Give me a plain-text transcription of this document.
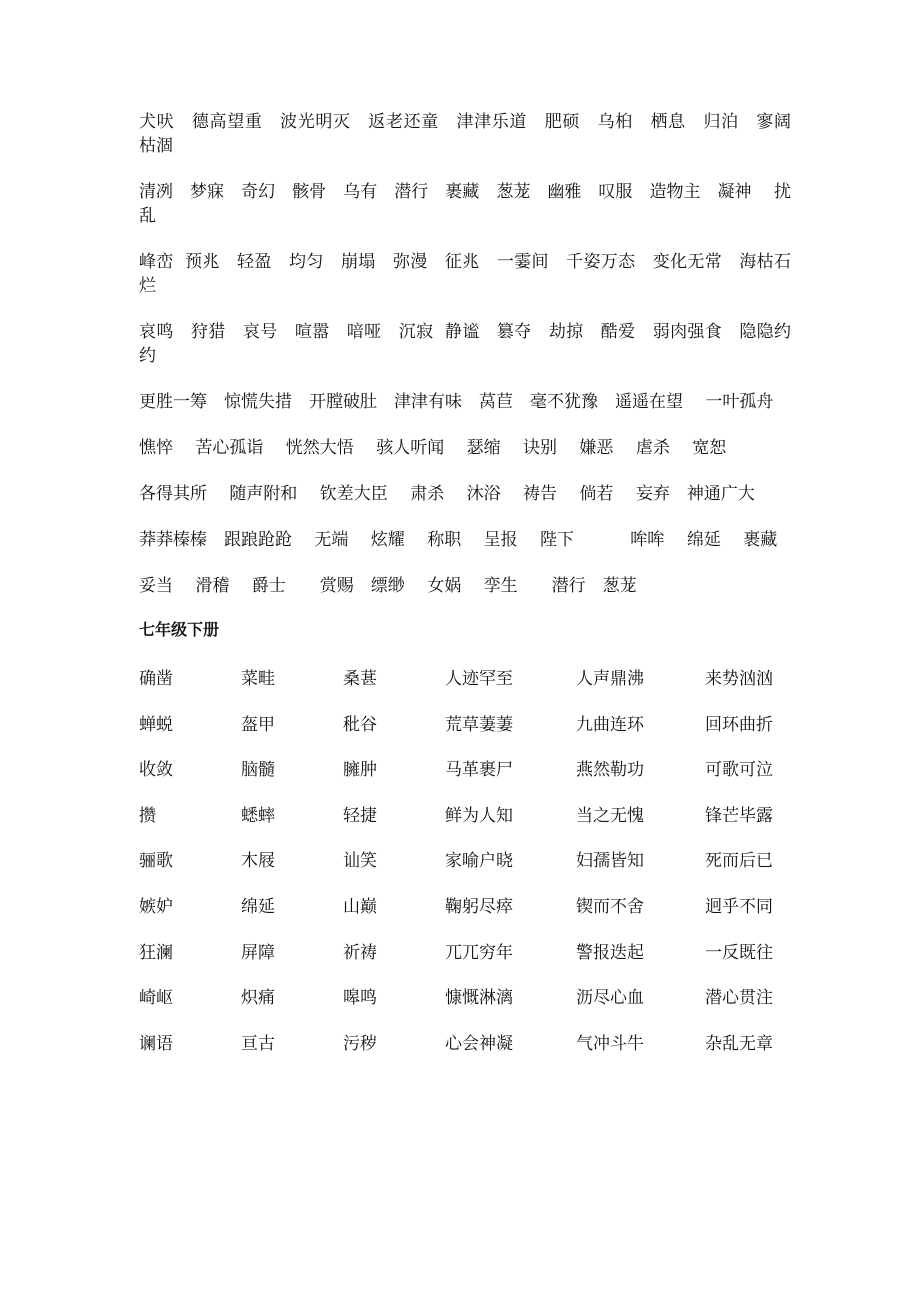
犬吠　德高望重　波光明灭　返老还童　津津乐道　肥硕　乌桕　栖息　归泊　寥阔　枯涸

清冽　梦寐　奇幻　骸骨　乌有　潜行　裹藏　葱茏　幽雅　叹服　造物主　凝神　 扰乱

峰峦  预兆　轻盈　均匀　崩塌　弥漫　征兆　一霎间　千姿万态　变化无常　海枯石烂

哀鸣　狩猎　哀号　喧嚣　喑哑　沉寂  静谧　篡夺　劫掠　酷爱　弱肉强食　隐隐约约

更胜一筹　惊慌失措　开膛破肚　津津有味　莴苣　毫不犹豫　遥遥在望　 一叶孤舟

憔悴　 苦心孤诣　 恍然大悟　 骇人听闻　 瑟缩　 诀别　 嫌恶　 虐杀　 宽恕

各得其所　 随声附和　 钦差大臣　 肃杀　 沐浴　 祷告　 倘若　 妄弃　神通广大

莽莽榛榛　跟踉跄跄　 无端　 炫耀　 称职　 呈报　 陛下　　　 哞哞　 绵延　 裹藏

妥当　 滑稽　 爵士　　赏赐　缥缈　 女娲　 孪生　　潜行　葱茏

七年级下册
确凿	菜畦	桑葚	人迹罕至	人声鼎沸	来势汹汹
蝉蜕	盔甲	秕谷	荒草萋萋	九曲连环	回环曲折
收敛	脑髓	臃肿	马革裹尸	燕然勒功	可歌可泣
攒	蟋蟀	轻捷	鲜为人知	当之无愧	锋芒毕露
骊歌	木屐	讪笑	家喻户晓	妇孺皆知	死而后已
嫉妒	绵延	山巅	鞠躬尽瘁	锲而不舍	迥乎不同
狂澜	屏障	祈祷	兀兀穷年	警报迭起	一反既往
崎岖	炽痛	嗥鸣	慷慨淋漓	沥尽心血	潜心贯注
谰语	亘古	污秽	心会神凝	气冲斗牛	杂乱无章
